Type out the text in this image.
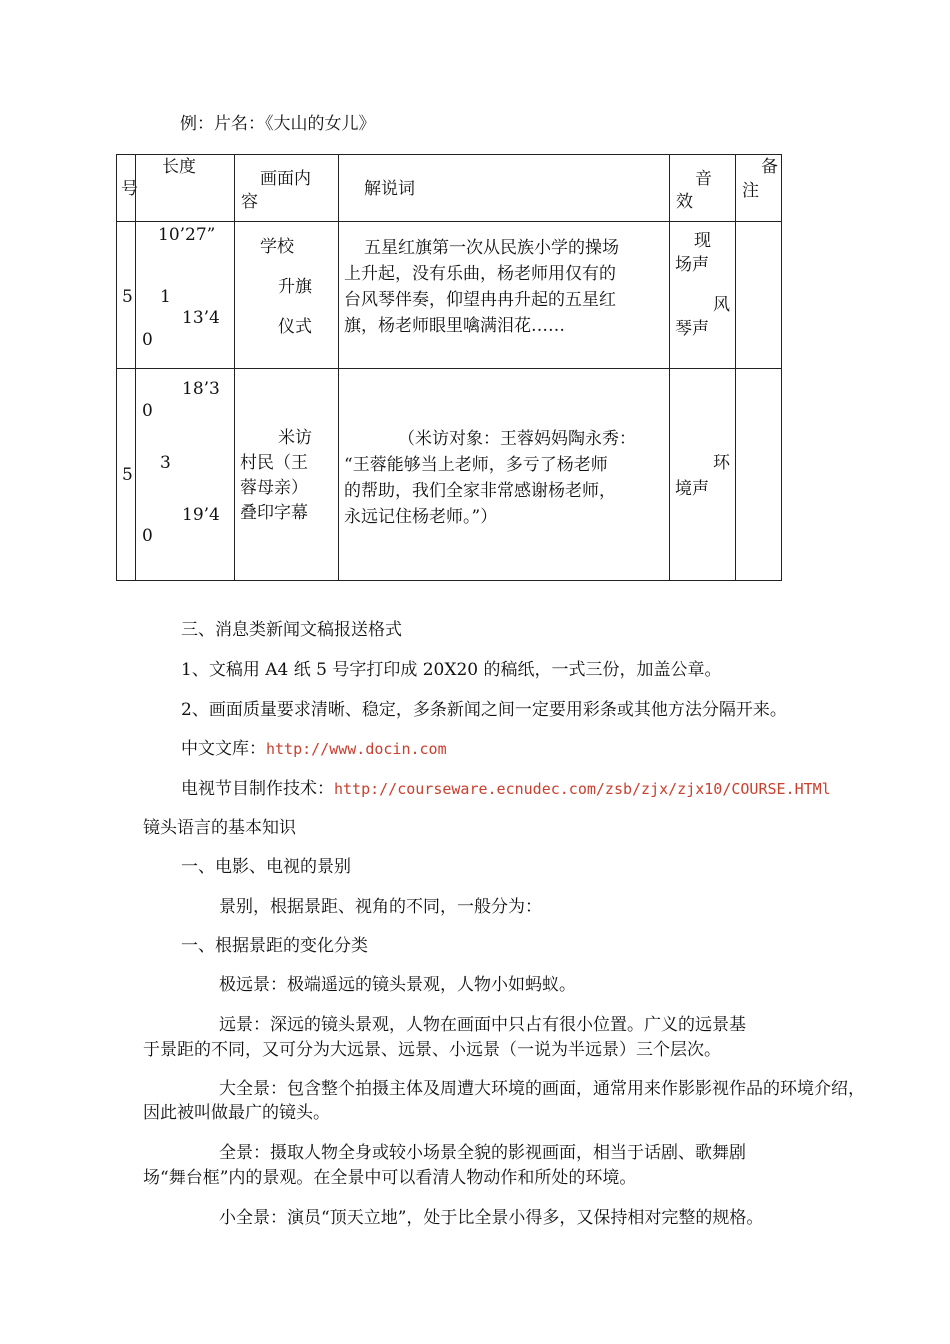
例：片名：《大山的女儿》
号
长度
画面内
容
解说词	音
效
备
注
5
10’27”
1
13’4
0
学校
升旗
仪式
五星红旗第一次从民族小学的操场
上升起，没有乐曲，杨老师用仅有的
台风琴伴奏，仰望冉冉升起的五星红
旗，杨老师眼里噙满泪花……
现
场声
风
琴声
5
18’3
0
3
19’4
0
米访
村民（王
蓉母亲）
叠印字幕
（米访对象：王蓉妈妈陶永秀：
“王蓉能够当上老师，多亏了杨老师
的帮助，我们全家非常感谢杨老师，
永远记住杨老师。”）
环
境声
三、消息类新闻文稿报送格式
1、文稿用 A4 纸 5 号字打印成 20X20 的稿纸，一式三份，加盖公章。
2、画面质量要求清晰、稳定，多条新闻之间一定要用彩条或其他方法分隔开来。
中文文库：http://www.docin.com
电视节目制作技术：http://courseware.ecnudec.com/zsb/zjx/zjx10/COURSE.HTMl
镜头语言的基本知识
一、电影、电视的景别
景别，根据景距、视角的不同，一般分为：
一、根据景距的变化分类
极远景：极端遥远的镜头景观，人物小如蚂蚁。
远景：深远的镜头景观，人物在画面中只占有很小位置。广义的远景基
于景距的不同，又可分为大远景、远景、小远景（一说为半远景）三个层次。
大全景：包含整个拍摄主体及周遭大环境的画面，通常用来作影影视作品的环境介绍，
因此被叫做最广的镜头。
全景：摄取人物全身或较小场景全貌的影视画面，相当于话剧、歌舞剧
场“舞台框”内的景观。在全景中可以看清人物动作和所处的环境。
小全景：演员“顶天立地”，处于比全景小得多，又保持相对完整的规格。
